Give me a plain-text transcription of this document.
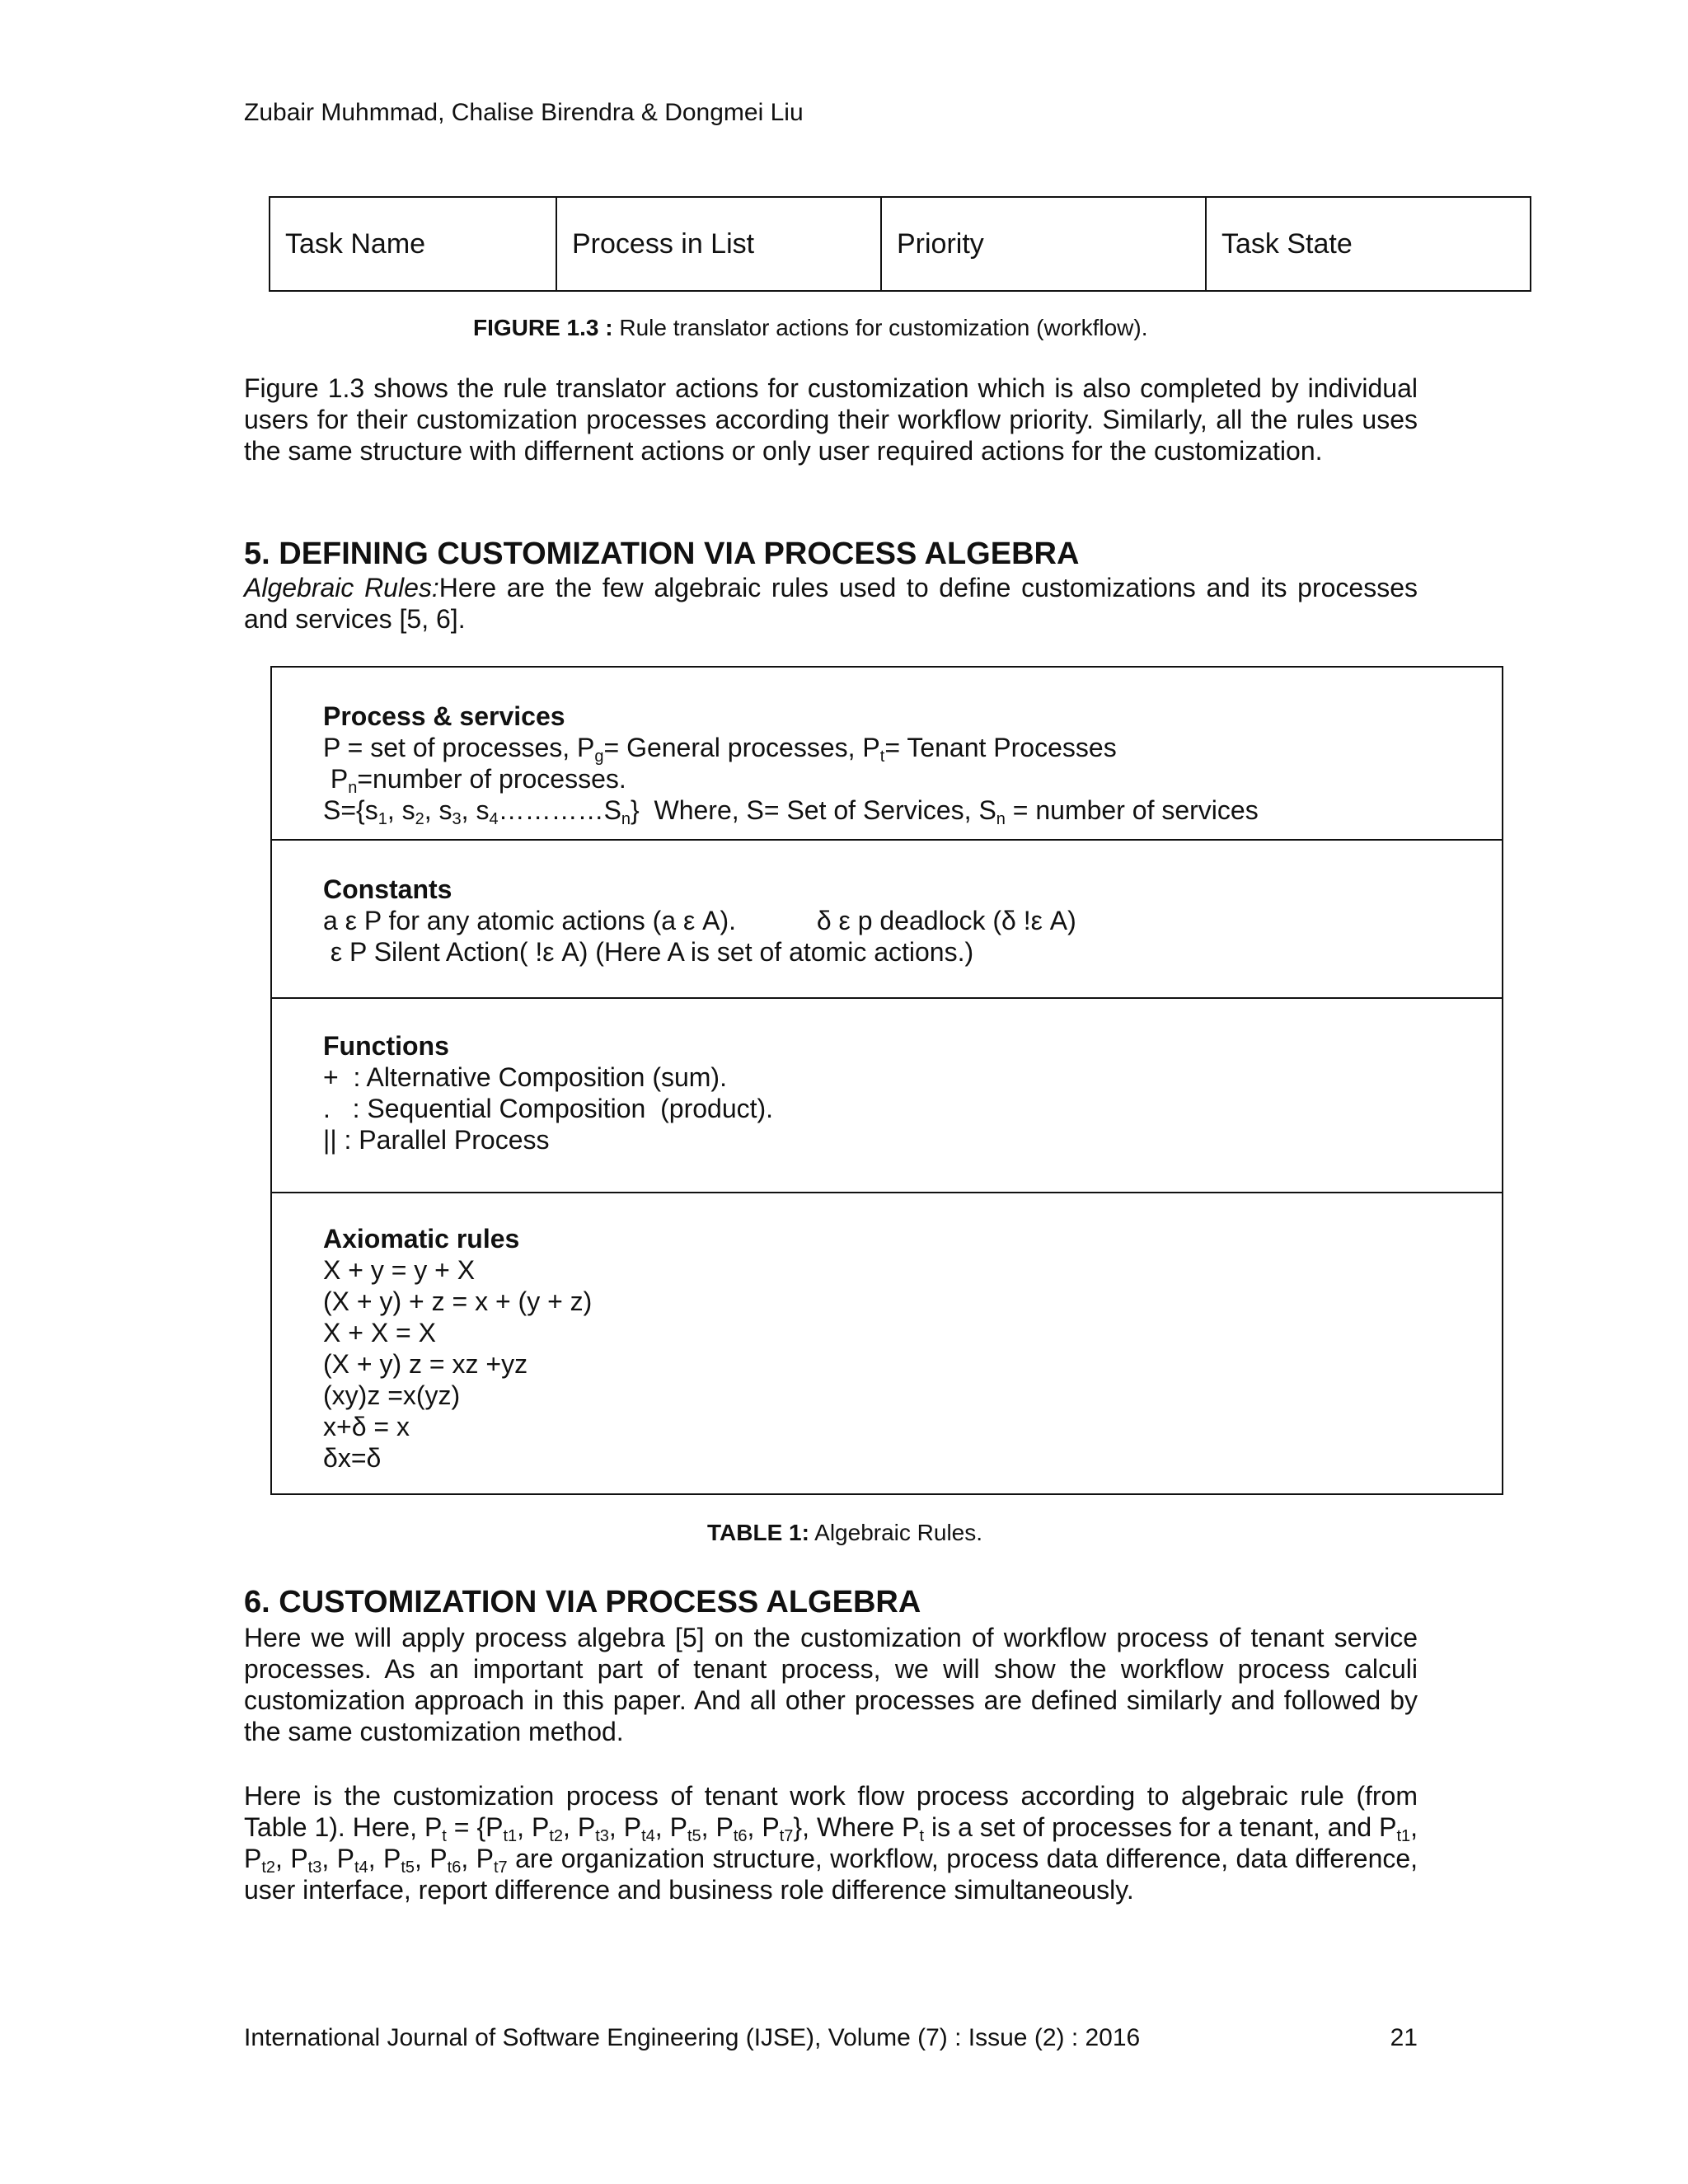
Zubair Muhmmad, Chalise Birendra & Dongmei Liu
Task Name	Process in List	Priority	Task State
FIGURE 1.3 : Rule translator actions for customization (workflow).

Figure 1.3 shows the rule translator actions for customization which is also completed by individual users for their customization processes according their workflow priority. Similarly, all the rules uses the same structure with differnent actions or only user required actions for the customization.

5. DEFINING CUSTOMIZATION VIA PROCESS ALGEBRA

Algebraic Rules:Here are the few algebraic rules used to define customizations and its processes and services [5, 6].

Process & services
P = set of processes, $P_g=$ General processes, $P_t=$ Tenant Processes
$P_n=number$ of processes.
$S=\{s_1$, $s_2$, $s_3$, $s_4\dots\dots\dots\dots S_n$}  Where, S= Set of Services, $S_n$ = number of services
Constants
a ε P for any atomic actions (a ε A).           δ ε p deadlock (δ !ε A)
ε P Silent Action( !ε A) (Here A is set of atomic actions.)
Functions
+  : Alternative Composition (sum).
.   : Sequential Composition  (product).
|| : Parallel Process
Axiomatic rules
X + y = y + X
(X + y) + z = x + (y + z)
X + X = X
(X + y) z = xz +yz
(xy)z =x(yz)
x+δ = x
δx=δ
TABLE 1: Algebraic Rules.
6. CUSTOMIZATION VIA PROCESS ALGEBRA

Here we will apply process algebra [5] on the customization of workflow process of tenant service processes. As an important part of tenant process, we will show the workflow process calculi customization approach in this paper. And all other processes are defined similarly and followed by the same customization method.

Here is the customization process of tenant work flow process according to algebraic rule (from Table 1). Here, $P_t = \{P_{t1}$, $P_{t2}$, $P_{t3}$, $P_{t4}$, $P_{t5}$, $P_{t6}$, $P_{t7}$}, Where $P_t$ is a set of processes for a tenant, and $P_{t1}$, $P_{t2}$, $P_{t3}$, $P_{t4}$, $P_{t5}$, $P_{t6}$, $P_{t7}$ are organization structure, workflow, process data difference, data difference, user interface, report difference and business role difference simultaneously.

International Journal of Software Engineering (IJSE), Volume (7) : Issue (2) : 2016	21
